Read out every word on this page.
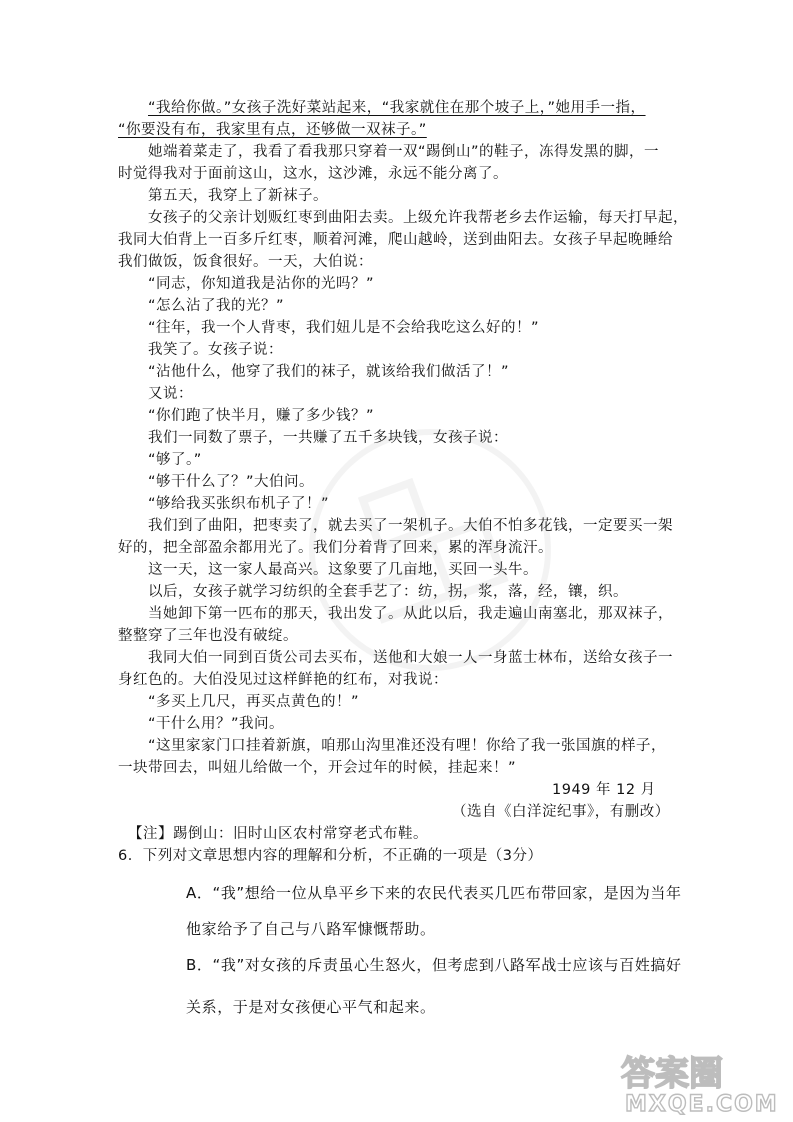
“我给你做。”女孩子洗好菜站起来，“我家就住在那个坡子上，”她用手一指，
“你要没有布，我家里有点，还够做一双袜子。”
她端着菜走了，我看了看我那只穿着一双“踢倒山”的鞋子，冻得发黑的脚，一
时觉得我对于面前这山，这水，这沙滩，永远不能分离了。
第五天，我穿上了新袜子。
女孩子的父亲计划贩红枣到曲阳去卖。上级允许我帮老乡去作运输，每天打早起，
我同大伯背上一百多斤红枣，顺着河滩，爬山越岭，送到曲阳去。女孩子早起晚睡给
我们做饭，饭食很好。一天，大伯说：
“同志，你知道我是沾你的光吗？”
“怎么沾了我的光？”
“往年，我一个人背枣，我们妞儿是不会给我吃这么好的！”
我笑了。女孩子说：
“沾他什么，他穿了我们的袜子，就该给我们做活了！”
又说：
“你们跑了快半月，赚了多少钱？”
我们一同数了票子，一共赚了五千多块钱，女孩子说：
“够了。”
“够干什么了？”大伯问。
“够给我买张织布机子了！”
我们到了曲阳，把枣卖了，就去买了一架机子。大伯不怕多花钱，一定要买一架
好的，把全部盈余都用光了。我们分着背了回来，累的浑身流汗。
这一天，这一家人最高兴。这象要了几亩地，买回一头牛。
以后，女孩子就学习纺织的全套手艺了：纺，拐，浆，落，经，镶，织。
当她卸下第一匹布的那天，我出发了。从此以后，我走遍山南塞北，那双袜子，
整整穿了三年也没有破绽。
我同大伯一同到百货公司去买布，送他和大娘一人一身蓝士林布，送给女孩子一
身红色的。大伯没见过这样鲜艳的红布，对我说：
“多买上几尺，再买点黄色的！”
“干什么用？”我问。
“这里家家门口挂着新旗，咱那山沟里准还没有哩！你给了我一张国旗的样子，
一块带回去，叫妞儿给做一个，开会过年的时候，挂起来！”
1949 年 12 月
（选自《白洋淀纪事》，有删改）
【注】踢倒山：旧时山区农村常穿老式布鞋。
6．下列对文章思想内容的理解和分析，不正确的一项是（3分）
A．“我”想给一位从阜平乡下来的农民代表买几匹布带回家，是因为当年
他家给予了自己与八路军慷慨帮助。
B．“我”对女孩的斥责虽心生怒火，但考虑到八路军战士应该与百姓搞好
关系，于是对女孩便心平气和起来。
答案圈
MXQE.COM
